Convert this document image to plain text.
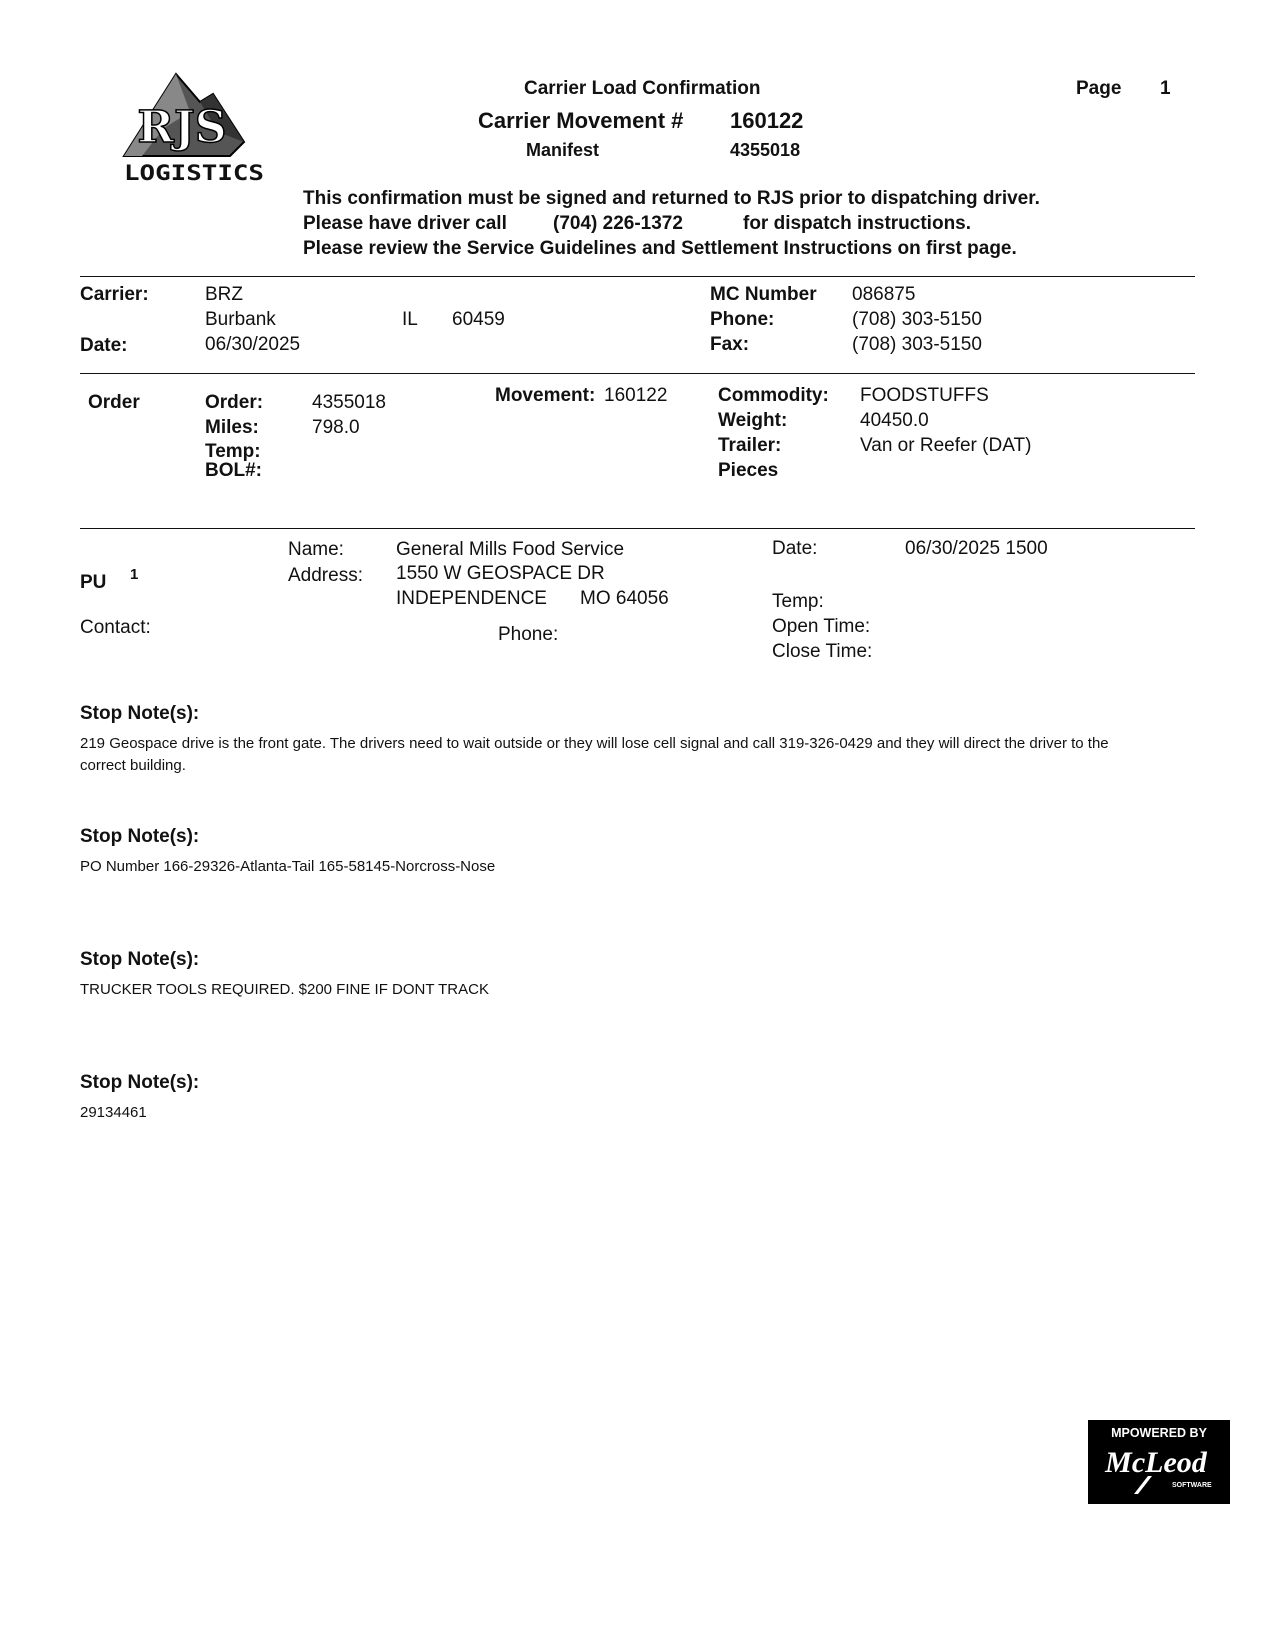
RJS
LOGISTICS
Carrier Load Confirmation
Carrier Movement # 160122
Manifest	4355018
Page 1
This confirmation must be signed and returned to RJS prior to dispatching driver.
Please have driver call (704) 226-1372	for dispatch instructions.
Please review the Service Guidelines and Settlement Instructions on first page.
Carrier:	BRZ
Burbank	IL 60459
Date:	06/30/2025
MC Number 086875
Phone:	(708) 303-5150
Fax:	(708) 303-5150
Order	Order:	4355018
Miles:	798.0
Temp:
BOL#:
Movement: 160122	Commodity: FOODSTUFFS
Weight:	40450.0
Trailer:	Van or Reefer (DAT)
Pieces
PU 1
Name:	General Mills Food Service
Address: 1550 W GEOSPACE DR
INDEPENDENCE MO 64056
Date:	06/30/2025 1500
Temp:
Open Time:
Close Time:
Contact:	Phone:
Stop Note(s):
219 Geospace drive is the front gate. The drivers need to wait outside or they will lose cell signal and call 319-326-0429 and they will direct the driver to the correct building.
Stop Note(s):
PO Number 166-29326-Atlanta-Tail 165-58145-Norcross-Nose
Stop Note(s):
TRUCKER TOOLS REQUIRED. $200 FINE IF DONT TRACK
Stop Note(s):
29134461
MPOWERED BY
McLeod
SOFTWARE
